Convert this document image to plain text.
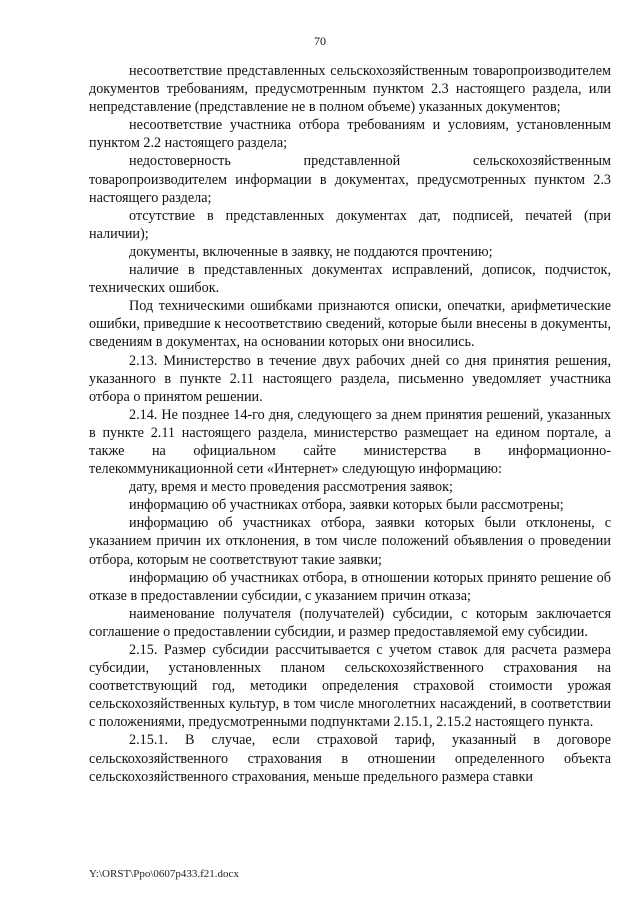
70

несоответствие представленных сельскохозяйственным товаропроизводителем документов требованиям, предусмотренным пунктом 2.3 настоящего раздела, или непредставление (представление не в полном объеме) указанных документов;

несоответствие участника отбора требованиям и условиям, установленным пунктом 2.2 настоящего раздела;

недостоверность представленной сельскохозяйственным товаропроизводителем информации в документах, предусмотренных пунктом 2.3 настоящего раздела;

отсутствие в представленных документах дат, подписей, печатей (при наличии);

документы, включенные в заявку, не поддаются прочтению;

наличие в представленных документах исправлений, дописок, подчисток, технических ошибок.

Под техническими ошибками признаются описки, опечатки, арифметические ошибки, приведшие к несоответствию сведений, которые были внесены в документы, сведениям в документах, на основании которых они вносились.

2.13. Министерство в течение двух рабочих дней со дня принятия решения, указанного в пункте 2.11 настоящего раздела, письменно уведомляет участника отбора о принятом решении.

2.14. Не позднее 14-го дня, следующего за днем принятия решений, указанных в пункте 2.11 настоящего раздела, министерство размещает на едином портале, а также на официальном сайте министерства в информационно-телекоммуникационной сети «Интернет» следующую информацию:

дату, время и место проведения рассмотрения заявок;

информацию об участниках отбора, заявки которых были рассмотрены;

информацию об участниках отбора, заявки которых были отклонены, с указанием причин их отклонения, в том числе положений объявления о проведении отбора, которым не соответствуют такие заявки;

информацию об участниках отбора, в отношении которых принято решение об отказе в предоставлении субсидии, с указанием причин отказа;

наименование получателя (получателей) субсидии, с которым заключается соглашение о предоставлении субсидии, и размер предоставляемой ему субсидии.

2.15. Размер субсидии рассчитывается с учетом ставок для расчета размера субсидии, установленных планом сельскохозяйственного страхования на соответствующий год, методики определения страховой стоимости урожая сельскохозяйственных культур, в том числе многолетних насаждений, в соответствии с положениями, предусмотренными подпунктами 2.15.1, 2.15.2 настоящего пункта.

2.15.1. В случае, если страховой тариф, указанный в договоре сельскохозяйственного страхования в отношении определенного объекта сельскохозяйственного страхования, меньше предельного размера ставки

Y:\ORST\Ppo\0607p433.f21.docx
